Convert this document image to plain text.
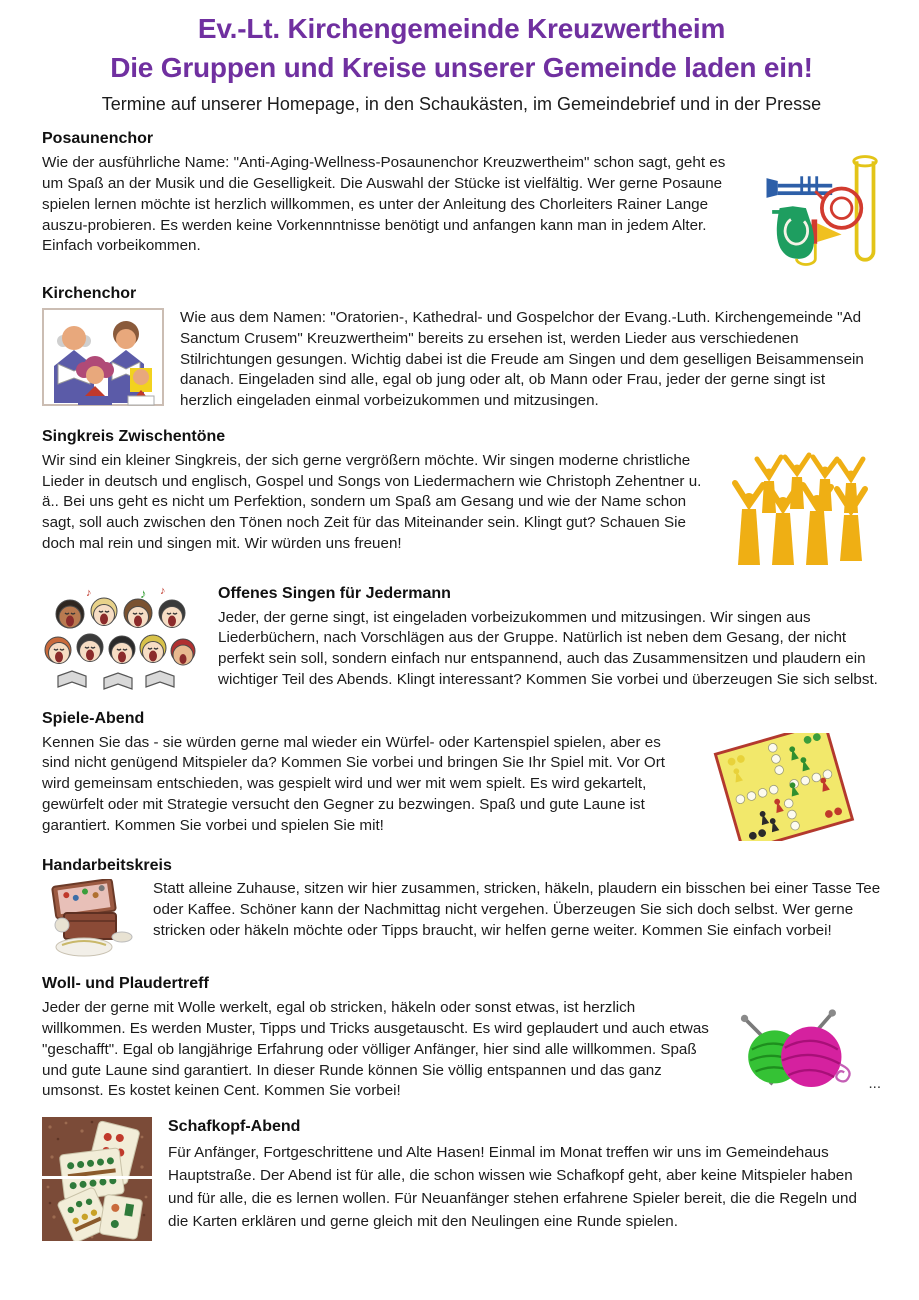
Ev.-Lt. Kirchengemeinde Kreuzwertheim
Die Gruppen und Kreise unserer Gemeinde laden ein!

Termine auf unserer Homepage, in den Schaukästen, im Gemeindebrief und in der Presse

Posaunenchor

Wie der ausführliche Name: "Anti-Aging-Wellness-Posaunenchor Kreuzwertheim" schon sagt, geht es um Spaß an der Musik und die Geselligkeit. Die Auswahl der Stücke ist vielfältig. Wer gerne Posaune spielen lernen möchte ist herzlich willkommen, es unter der Anleitung des Chorleiters Rainer Lange auszu-probieren. Es werden keine Vorkennntnisse benötigt und anfangen kann man in jedem Alter. Einfach vorbeikommen.

Kirchenchor

Wie aus dem Namen: "Oratorien-, Kathedral- und Gospelchor der Evang.-Luth. Kirchengemeinde "Ad Sanctum Crusem" Kreuzwertheim" bereits zu ersehen ist, werden Lieder aus verschiedenen Stilrichtungen gesungen. Wichtig dabei ist die Freude am Singen und dem geselligen Beisammensein danach. Eingeladen sind alle, egal ob jung oder alt, ob Mann oder Frau, jeder der gerne singt ist herzlich eingeladen einmal vorbeizukommen und mitzusingen.

Singkreis Zwischentöne

Wir sind ein kleiner Singkreis, der sich gerne vergrößern möchte. Wir singen moderne christliche Lieder in deutsch und englisch, Gospel und Songs von Liedermachern wie Christoph Zehentner u. ä.. Bei uns geht es nicht um Perfektion, sondern um Spaß am Gesang und wie der Name schon sagt, soll auch zwischen den Tönen noch Zeit für das Miteinander sein. Klingt gut? Schauen Sie doch mal rein und singen mit. Wir würden uns freuen!

♪ ♪
♪	Offenes Singen für Jedermann

Jeder, der gerne singt, ist eingeladen vorbeizukommen und mitzusingen. Wir singen aus Liederbüchern, nach Vorschlägen aus der Gruppe. Natürlich ist neben dem Gesang, der nicht perfekt sein soll, sondern einfach nur entspannend, auch das Zusammensitzen und plaudern ein wichtiger Teil des Abends. Klingt interessant? Kommen Sie vorbei und überzeugen Sie sich selbst.

Spiele-Abend

Kennen Sie das - sie würden gerne mal wieder ein Würfel- oder Kartenspiel spielen, aber es sind nicht genügend Mitspieler da? Kommen Sie vorbei und bringen Sie Ihr Spiel mit. Vor Ort wird gemeinsam entschieden, was gespielt wird und wer mit wem spielt. Es wird gekartelt, gewürfelt oder mit Strategie versucht den Gegner zu bezwingen. Spaß und gute Laune ist garantiert. Kommen Sie vorbei und spielen Sie mit!

Handarbeitskreis

Statt alleine Zuhause, sitzen wir hier zusammen, stricken, häkeln, plaudern ein bisschen bei einer Tasse Tee oder Kaffee. Schöner kann der Nachmittag nicht vergehen. Überzeugen Sie sich doch selbst. Wer gerne stricken oder häkeln möchte oder Tipps braucht, wir helfen gerne weiter. Kommen Sie einfach vorbei!

Woll- und Plaudertreff

Jeder der gerne mit Wolle werkelt, egal ob stricken, häkeln oder sonst etwas, ist herzlich willkommen. Es werden Muster, Tipps und Tricks ausgetauscht. Es wird geplaudert und auch etwas "geschafft". Egal ob langjährige Erfahrung oder völliger Anfänger, hier sind alle willkommen. Spaß und gute Laune sind garantiert. In dieser Runde können Sie völlig entspannen und das ganz umsonst. Es kostet keinen Cent. Kommen Sie vorbei!	...
Schafkopf-Abend

Für Anfänger, Fortgeschrittene und Alte Hasen! Einmal im Monat treffen wir uns im Gemeindehaus Hauptstraße. Der Abend ist für alle, die schon wissen wie Schafkopf geht, aber keine Mitspieler haben und für alle, die es lernen wollen. Für Neuanfänger stehen erfahrene Spieler bereit, die die Regeln und die Karten erklären und gerne gleich mit den Neulingen eine Runde spielen.
